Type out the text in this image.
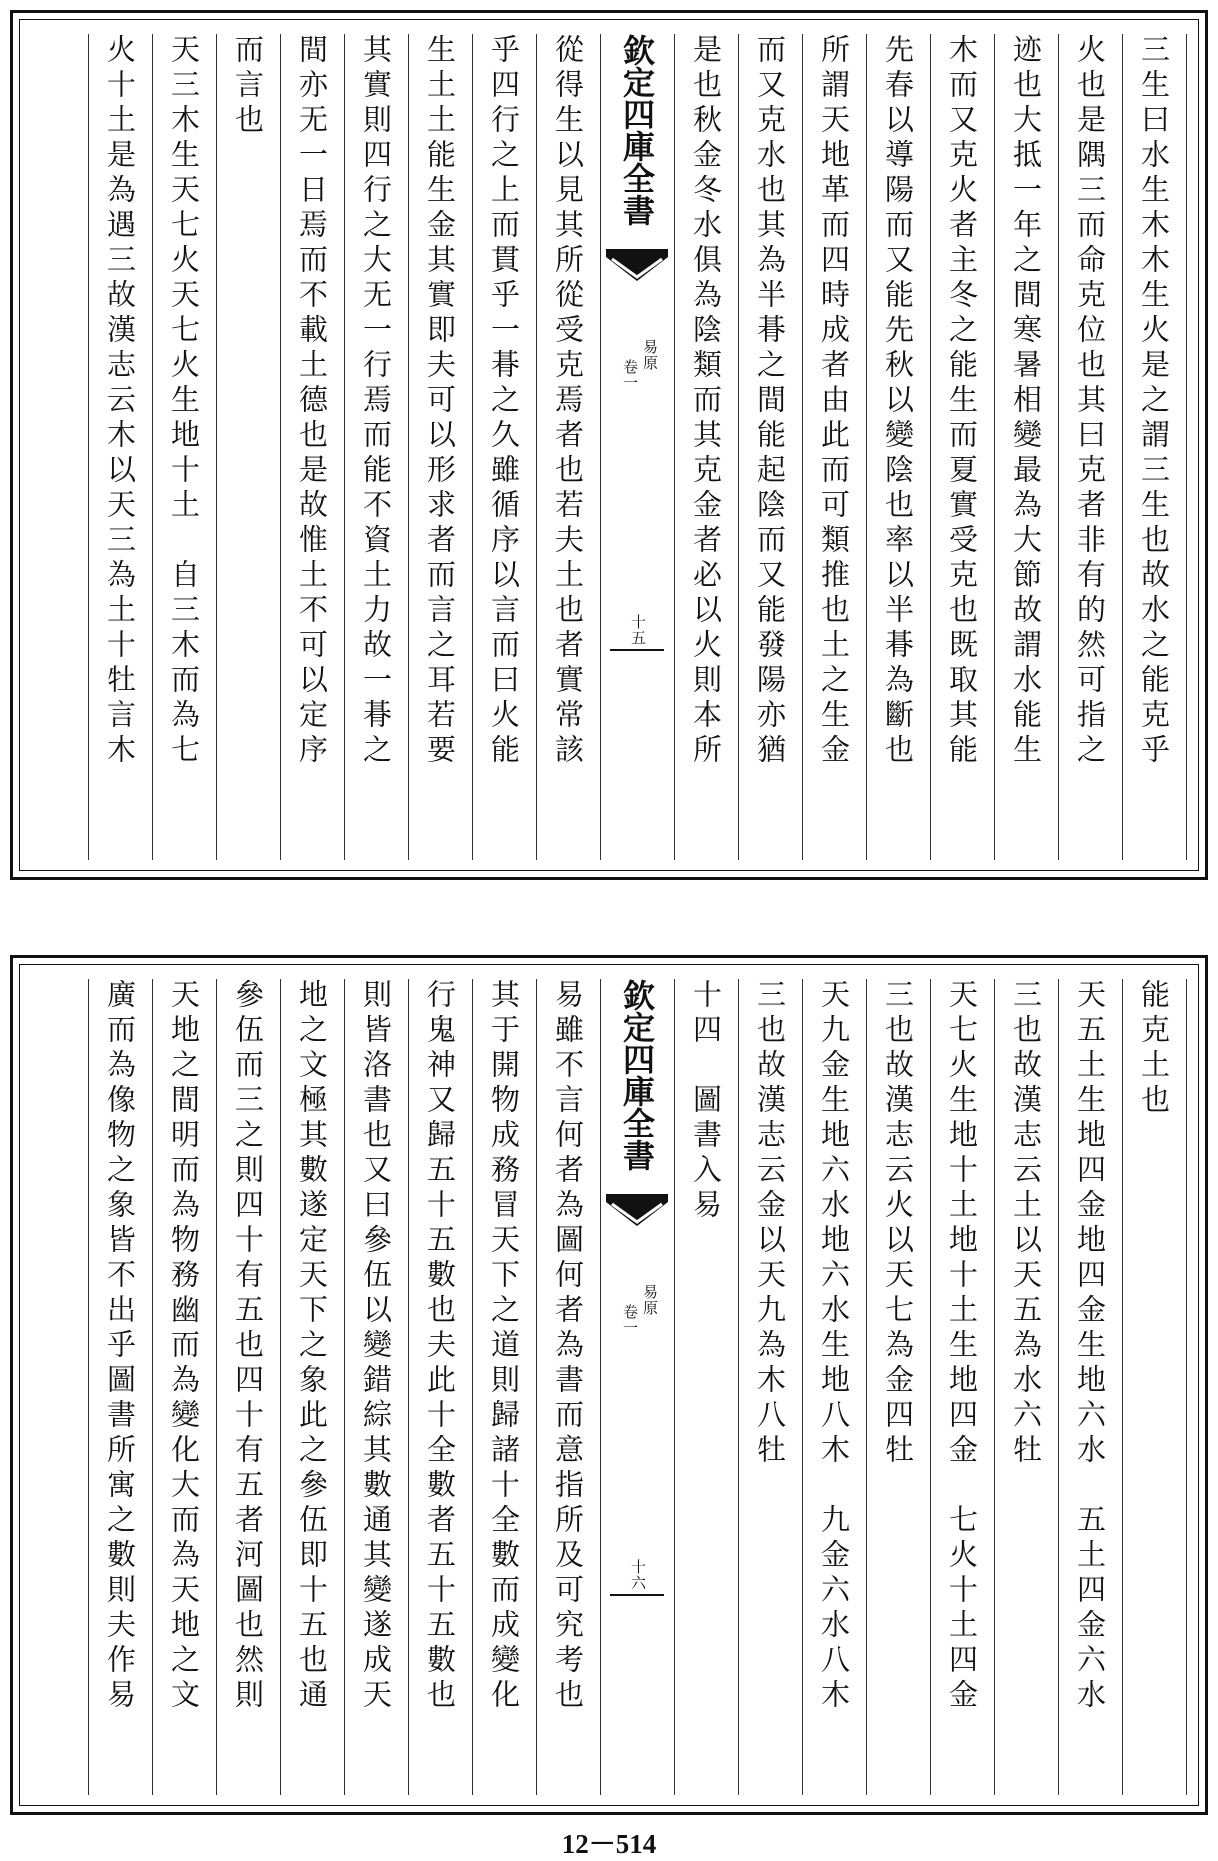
三生曰水生木木生火是之謂三生也故水之能克乎
火也是隅三而命克位也其曰克者非有的然可指之
迹也大抵一年之間寒暑相變最為大節故謂水能生
木而又克火者主冬之能生而夏實受克也既取其能
先春以導陽而又能先秋以變陰也率以半朞為斷也
所謂天地革而四時成者由此而可類推也土之生金
而又克水也其為半朞之間能起陰而又能發陽亦猶
是也秋金冬水俱為陰類而其克金者必以火則本所
欽定四庫全書
易原
卷一
十五
從得生以見其所從受克焉者也若夫土也者實常該
乎四行之上而貫乎一朞之久雖循序以言而曰火能
生土土能生金其實即夫可以形求者而言之耳若要
其實則四行之大无一行焉而能不資土力故一朞之
間亦无一日焉而不載土德也是故惟土不可以定序
而言也
天三木生天七火天七火生地十土　自三木而為七
火十土是為遇三故漢志云木以天三為土十牡言木
能克土也
天五土生地四金地四金生地六水　五土四金六水
三也故漢志云土以天五為水六牡
天七火生地十土地十土生地四金　七火十土四金
三也故漢志云火以天七為金四牡
天九金生地六水地六水生地八木　九金六水八木
三也故漢志云金以天九為木八牡
十四　圖書入易
欽定四庫全書
易原
卷一
十六
易雖不言何者為圖何者為書而意指所及可究考也
其于開物成務冒天下之道則歸諸十全數而成變化
行鬼神又歸五十五數也夫此十全數者五十五數也
則皆洛書也又曰參伍以變錯綜其數通其變遂成天
地之文極其數遂定天下之象此之參伍即十五也通
參伍而三之則四十有五也四十有五者河圖也然則
天地之間明而為物務幽而為變化大而為天地之文
廣而為像物之象皆不出乎圖書所寓之數則夫作易
12－514
